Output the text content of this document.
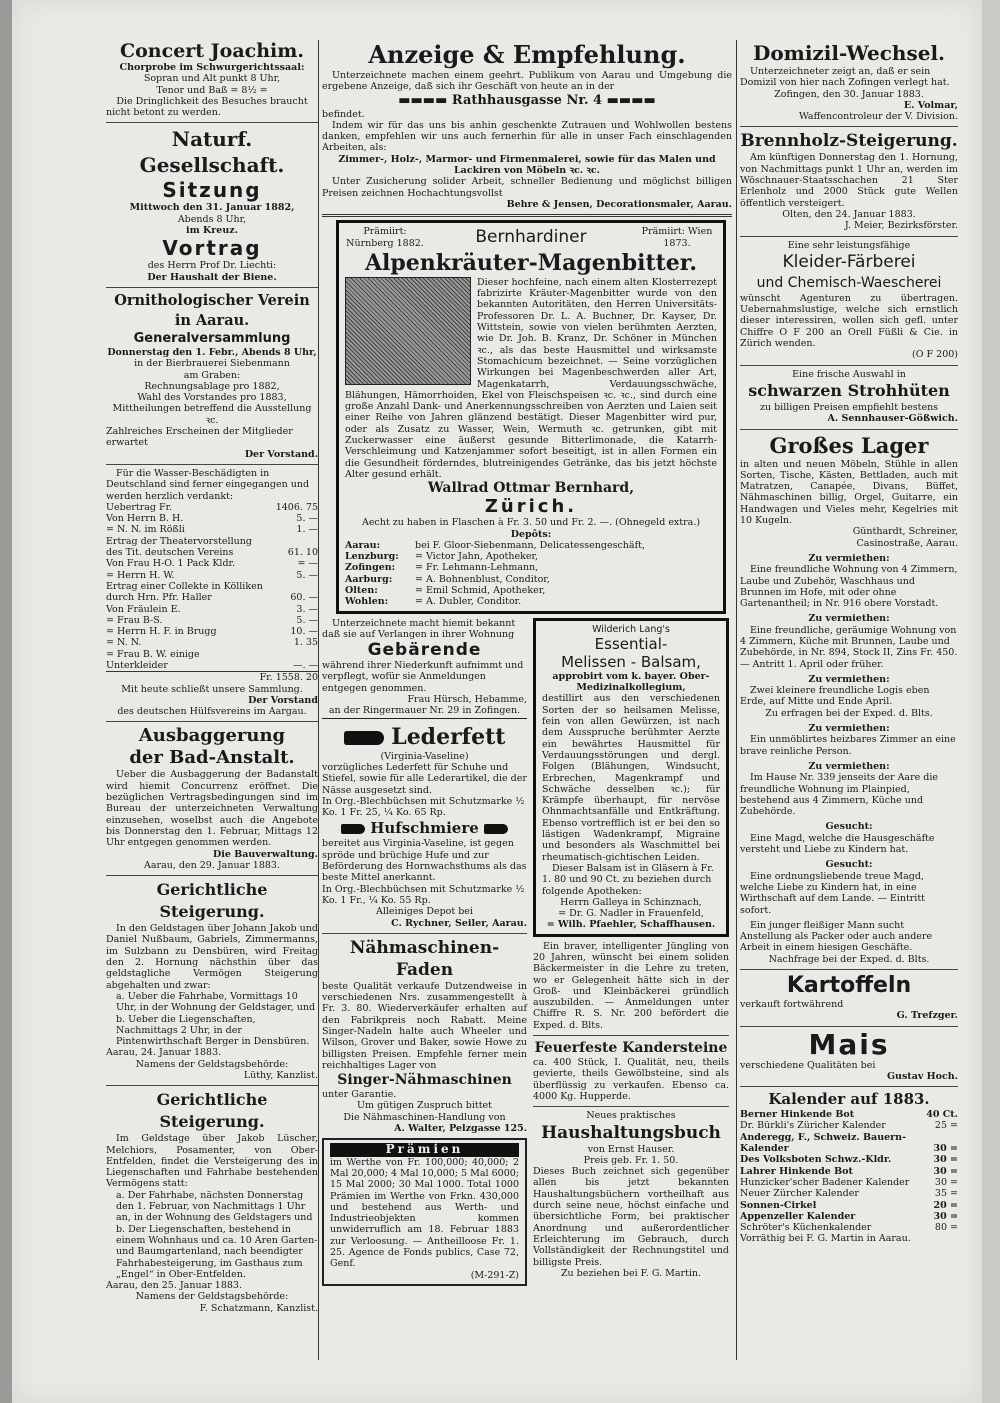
Concert Joachim.
Chorprobe im Schwurgerichtssaal:
Sopran und Alt punkt 8 Uhr,
Tenor und Baß = 8½ =
Die Dringlichkeit des Besuches braucht
nicht betont zu werden.
Naturf. Gesellschaft.
Sitzung
Mittwoch den 31. Januar 1882,
Abends 8 Uhr,
im Kreuz.
Vortrag
des Herrn Prof Dr. Liechti:
Der Haushalt der Biene.
Ornithologischer Verein in Aarau.
Generalversammlung
Donnerstag den 1. Febr., Abends 8 Uhr,
in der Bierbrauerei Siebenmann
am Graben:
Rechnungsablage pro 1882,
Wahl des Vorstandes pro 1883,
Mittheilungen betreffend die Ausstellung ꝛc.
Zahlreiches Erscheinen der Mitglieder erwartet
Der Vorstand.
Für die Wasser-Beschädigten in Deutschland sind ferner eingegangen und werden herzlich verdankt:
Uebertrag Fr.	1406. 75
Von Herrn B. H.	5. —
= N. N. im Rößli	1. —
Ertrag der Theatervorstellung des Tit. deutschen Vereins	61. 10
Von Frau H-O. 1 Pack Kldr.	= —
= Herrn H. W.	5. —
Ertrag einer Collekte in Kölliken durch Hrn. Pfr. Haller	60. —
Von Fräulein E.	3. —
= Frau B-S.	5. —
= Herrn H. F. in Brugg	10. —
= N. N.	1. 35
= Frau B. W. einige Unterkleider	—. —
Fr. 1558. 20
Mit heute schließt unsere Sammlung.
Der Vorstand
des deutschen Hülfsvereins im Aargau.
Ausbaggerung
der Bad-Anstalt.
Ueber die Ausbaggerung der Badanstalt wird hiemit Concurrenz eröffnet. Die bezüglichen Vertragsbedingungen sind im Bureau der unterzeichneten Verwaltung einzusehen, woselbst auch die Angebote bis Donnerstag den 1. Februar, Mittags 12 Uhr entgegen genommen werden.
Die Bauverwaltung.
Aarau, den 29. Januar 1883.
Gerichtliche Steigerung.
In den Geldstagen über Johann Jakob und Daniel Nußbaum, Gabriels, Zimmermanns, im Sulzbann zu Densbüren, wird Freitag den 2. Hornung nächsthin über das geldstagliche Vermögen Steigerung abgehalten und zwar:
a. Ueber die Fahrhabe, Vormittags 10 Uhr, in der Wohnung der Geldstager, und
b. Ueber die Liegenschaften, Nachmittags 2 Uhr, in der Pintenwirthschaft Berger in Densbüren.
Aarau, 24. Januar 1883.
Namens der Geldstagsbehörde:
Lüthy, Kanzlist.
Gerichtliche Steigerung.
Im Geldstage über Jakob Lüscher, Melchiors, Posamenter, von Ober-Entfelden, findet die Versteigerung des in Liegenschaften und Fahrhabe bestehenden Vermögens statt:
a. Der Fahrhabe, nächsten Donnerstag den 1. Februar, von Nachmittags 1 Uhr an, in der Wohnung des Geldstagers und
b. Der Liegenschaften, bestehend in einem Wohnhaus und ca. 10 Aren Garten- und Baumgartenland, nach beendigter Fahrhabesteigerung, im Gasthaus zum „Engel“ in Ober-Entfelden.
Aarau, den 25. Januar 1883.
Namens der Geldstagsbehörde:
F. Schatzmann, Kanzlist.
Anzeige & Empfehlung.
Unterzeichnete machen einem geehrt. Publikum von Aarau und Umgebung die ergebene Anzeige, daß sich ihr Geschäft von heute an in der
▬▬▬▬ Rathhausgasse Nr. 4 ▬▬▬▬
befindet.
Indem wir für das uns bis anhin geschenkte Zutrauen und Wohlwollen bestens danken, empfehlen wir uns auch fernerhin für alle in unser Fach einschlagenden Arbeiten, als:
Zimmer-, Holz-, Marmor- und Firmenmalerei, sowie für das Malen und Lackiren von Möbeln ꝛc. ꝛc.
Unter Zusicherung solider Arbeit, schneller Bedienung und möglichst billigen Preisen zeichnen Hochachtungsvollst
Behre & Jensen, Decorationsmaler, Aarau.
Prämiirt: Nürnberg 1882.	Bernhardiner	Prämiirt: Wien 1873.
Alpenkräuter-Magenbitter.
Dieser hochfeine, nach einem alten Klosterrezept fabrizirte Kräuter-Magenbitter wurde von den bekannten Autoritäten, den Herren Universitäts-Professoren Dr. L. A. Buchner, Dr. Kayser, Dr. Wittstein, sowie von vielen berühmten Aerzten, wie Dr. Joh. B. Kranz, Dr. Schöner in München ꝛc., als das beste Hausmittel und wirksamste Stomachicum bezeichnet. — Seine vorzüglichen Wirkungen bei Magenbeschwerden aller Art, Magenkatarrh, Verdauungsschwäche, Blähungen, Hämorrhoiden, Ekel von Fleischspeisen ꝛc. ꝛc., sind durch eine große Anzahl Dank- und Anerkennungsschreiben von Aerzten und Laien seit einer Reihe von Jahren glänzend bestätigt. Dieser Magenbitter wird pur, oder als Zusatz zu Wasser, Wein, Wermuth ꝛc. getrunken, gibt mit Zuckerwasser eine äußerst gesunde Bitterlimonade, die Katarrh-Verschleimung und Katzenjammer sofort beseitigt, ist in allen Formen ein die Gesundheit förderndes, blutreinigendes Getränke, das bis jetzt höchste Alter gesund erhält.
Wallrad Ottmar Bernhard,
Zürich.
Aecht zu haben in Flaschen à Fr. 3. 50 und Fr. 2. —. (Ohnegeld extra.)
Depôts:
Aarau:	bei F. Gloor-Siebenmann, Delicatessengeschäft,
Lenzburg:	= Victor Jahn, Apotheker,
Zofingen:	= Fr. Lehmann-Lehmann,
Aarburg:	= A. Bohnenblust, Conditor,
Olten:	= Emil Schmid, Apotheker,
Wohlen:	= A. Dubler, Conditor.
Unterzeichnete macht hiemit bekannt daß sie auf Verlangen in ihrer Wohnung
Gebärende
während ihrer Niederkunft aufnimmt und verpflegt, wofür sie Anmeldungen entgegen genommen.
Frau Hürsch, Hebamme,
an der Ringermauer Nr. 29 in Zofingen.
Lederfett
(Virginia-Vaseline)
vorzügliches Lederfett für Schuhe und Stiefel, sowie für alle Lederartikel, die der Nässe ausgesetzt sind.
In Org.-Blechbüchsen mit Schutzmarke ½ Ko. 1 Fr. 25, ¼ Ko. 65 Rp.
Hufschmiere
bereitet aus Virginia-Vaseline, ist gegen spröde und brüchige Hufe und zur Beförderung des Hornwachsthums als das beste Mittel anerkannt.
In Org.-Blechbüchsen mit Schutzmarke ½ Ko. 1 Fr., ¼ Ko. 55 Rp.
Alleiniges Depot bei
C. Rychner, Seiler, Aarau.
Nähmaschinen-Faden
beste Qualität verkaufe Dutzendweise in verschiedenen Nrs. zusammengestellt à Fr. 3. 80. Wiederverkäufer erhalten auf den Fabrikpreis noch Rabatt. Meine Singer-Nadeln halte auch Wheeler und Wilson, Grover und Baker, sowie Howe zu billigsten Preisen. Empfehle ferner mein reichhaltiges Lager von
Singer-Nähmaschinen
unter Garantie.
Um gütigen Zuspruch bittet
Die Nähmaschinen-Handlung von
A. Walter, Pelzgasse 125.
Prämien
im Werthe von Fr. 100,000; 40,000; 2 Mal 20,000; 4 Mal 10,000; 5 Mal 6000; 15 Mal 2000; 30 Mal 1000. Total 1000 Prämien im Werthe von Frkn. 430,000 und bestehend aus Werth- und Industrieobjekten kommen unwiderruflich am 18. Februar 1883 zur Verloosung. — Antheilloose Fr. 1. 25. Agence de Fonds publics, Case 72, Genf.
(M-291-Z)
Wilderich Lang's
Essential-
Melissen - Balsam,
approbirt vom k. bayer. Ober-Medizinalkollegium,
destillirt aus den verschiedenen Sorten der so heilsamen Melisse, fein von allen Gewürzen, ist nach dem Ausspruche berühmter Aerzte ein bewährtes Hausmittel für Verdauungsstörungen und dergl. Folgen (Blähungen, Windsucht, Erbrechen, Magenkrampf und Schwäche desselben ꝛc.); für Krämpfe überhaupt, für nervöse Ohnmachtsanfälle und Entkräftung. Ebenso vortrefflich ist er bei den so lästigen Wadenkrampf, Migraine und besonders als Waschmittel bei rheumatisch-gichtischen Leiden.
Dieser Balsam ist in Gläsern à Fr. 1. 80 und 90 Ct. zu beziehen durch folgende Apotheken:
Herrn Galleya in Schinznach,
= Dr. G. Nadler in Frauenfeld,
= Wilh. Pfaehler, Schaffhausen.
Ein braver, intelligenter Jüngling von 20 Jahren, wünscht bei einem soliden Bäckermeister in die Lehre zu treten, wo er Gelegenheit hätte sich in der Groß- und Kleinbäckerei gründlich auszubilden. — Anmeldungen unter Chiffre R. S. Nr. 200 befördert die Exped. d. Blts.
Feuerfeste Kandersteine
ca. 400 Stück, I. Qualität, neu, theils gevierte, theils Gewölbsteine, sind als überflüssig zu verkaufen. Ebenso ca. 4000 Kg. Hupperde.
Neues praktisches
Haushaltungsbuch
von Ernst Hauser.
Preis geb. Fr. 1. 50.
Dieses Buch zeichnet sich gegenüber allen bis jetzt bekannten Haushaltungsbüchern vortheilhaft aus durch seine neue, höchst einfache und übersichtliche Form, bei praktischer Anordnung und außerordentlicher Erleichterung im Gebrauch, durch Vollständigkeit der Rechnungstitel und billigste Preis.
Zu beziehen bei F. G. Martin.
Domizil-Wechsel.
Unterzeichneter zeigt an, daß er sein Domizil von hier nach Zofingen verlegt hat.
Zofingen, den 30. Januar 1883.
E. Volmar,
Waffencontroleur der V. Division.
Brennholz-Steigerung.
Am künftigen Donnerstag den 1. Hornung, von Nachmittags punkt 1 Uhr an, werden im Wöschnauer-Staatsschachen 21 Ster Erlenholz und 2000 Stück gute Wellen öffentlich versteigert.
Olten, den 24. Januar 1883.
J. Meier, Bezirksförster.
Eine sehr leistungsfähige
Kleider-Färberei
und Chemisch-Waescherei
wünscht Agenturen zu übertragen. Uebernahmslustige, welche sich ernstlich dieser interessiren, wollen sich gefl. unter Chiffre O F 200 an Orell Füßli & Cie. in Zürich wenden.
(O F 200)
Eine frische Auswahl in
schwarzen Strohhüten
zu billigen Preisen empfiehlt bestens
A. Sennhauser-Gößwich.
Großes Lager
in alten und neuen Möbeln, Stühle in allen Sorten, Tische, Kästen, Bettladen, auch mit Matratzen, Canapée, Divans, Büffet, Nähmaschinen billig, Orgel, Guitarre, ein Handwagen und Vieles mehr, Kegelries mit 10 Kugeln.
Günthardt, Schreiner,
Casinostraße, Aarau.
Zu vermiethen:
Eine freundliche Wohnung von 4 Zimmern, Laube und Zubehör, Waschhaus und Brunnen im Hofe, mit oder ohne Gartenantheil; in Nr. 916 obere Vorstadt.
Zu vermiethen:
Eine freundliche, geräumige Wohnung von 4 Zimmern, Küche mit Brunnen, Laube und Zubehörde, in Nr. 894, Stock II, Zins Fr. 450. — Antritt 1. April oder früher.
Zu vermiethen:
Zwei kleinere freundliche Logis eben Erde, auf Mitte und Ende April.
Zu erfragen bei der Exped. d. Blts.
Zu vermiethen:
Ein unmöblirtes heizbares Zimmer an eine brave reinliche Person.
Zu vermiethen:
Im Hause Nr. 339 jenseits der Aare die freundliche Wohnung im Plainpied, bestehend aus 4 Zimmern, Küche und Zubehörde.
Gesucht:
Eine Magd, welche die Hausgeschäfte versteht und Liebe zu Kindern hat.
Gesucht:
Eine ordnungsliebende treue Magd, welche Liebe zu Kindern hat, in eine Wirthschaft auf dem Lande. — Eintritt sofort.
Ein junger fleißiger Mann sucht Anstellung als Packer oder auch andere Arbeit in einem hiesigen Geschäfte.
Nachfrage bei der Exped. d. Blts.
Kartoffeln
verkauft fortwährend
G. Trefzger.
Mais
verschiedene Qualitäten bei
Gustav Hoch.
Kalender auf 1883.
Berner Hinkende Bot	40 Ct.
Dr. Bürkli's Züricher Kalender	25 =
Anderegg, F., Schweiz. Bauern-Kalender	30 =
Des Volksboten Schwz.-Kldr.	30 =
Lahrer Hinkende Bot	30 =
Hunzicker'scher Badener Kalender	30 =
Neuer Zürcher Kalender	35 =
Sonnen-Cirkel	20 =
Appenzeller Kalender	30 =
Schröter's Küchenkalender	80 =
Vorräthig bei F. G. Martin in Aarau.
